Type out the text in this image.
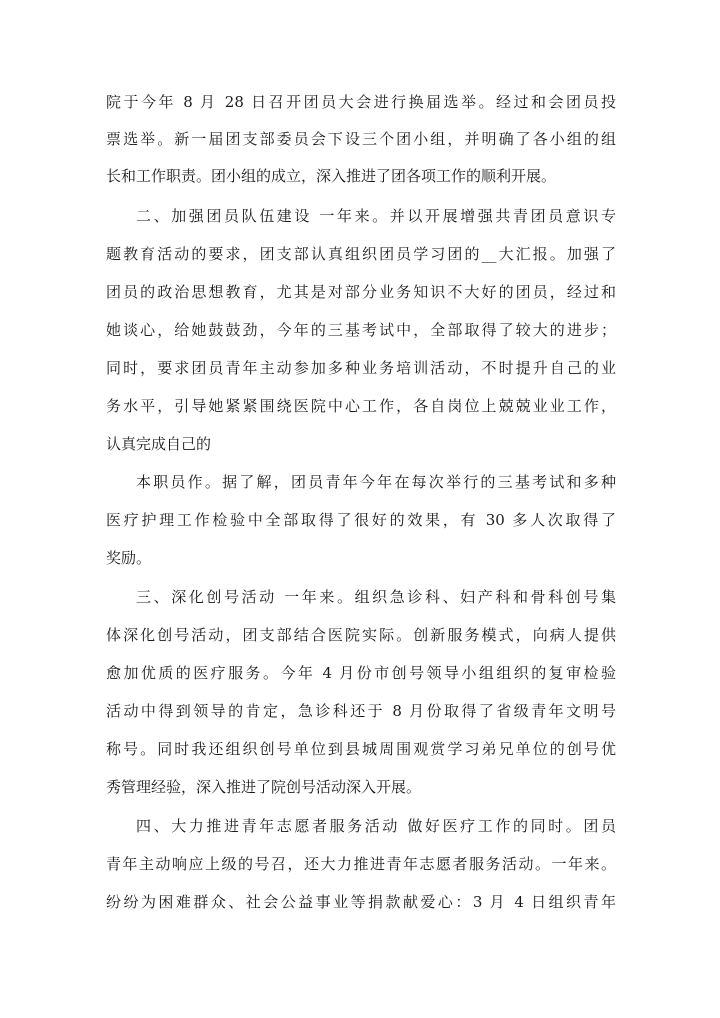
院于今年 8 月 28 日召开团员大会进行换届选举。经过和会团员投
票选举。新一届团支部委员会下设三个团小组，并明确了各小组的组
长和工作职责。团小组的成立，深入推进了团各项工作的顺利开展。
二、加强团员队伍建设 一年来。并以开展增强共青团员意识专
题教育活动的要求，团支部认真组织团员学习团的__大汇报。加强了
团员的政治思想教育，尤其是对部分业务知识不大好的团员，经过和
她谈心，给她鼓鼓劲，今年的三基考试中，全部取得了较大的进步；
同时，要求团员青年主动参加多种业务培训活动，不时提升自己的业
务水平，引导她紧紧围绕医院中心工作，各自岗位上兢兢业业工作，
认真完成自己的
本职员作。据了解，团员青年今年在每次举行的三基考试和多种
医疗护理工作检验中全部取得了很好的效果，有 30 多人次取得了
奖励。
三、深化创号活动 一年来。组织急诊科、妇产科和骨科创号集
体深化创号活动，团支部结合医院实际。创新服务模式，向病人提供
愈加优质的医疗服务。今年 4 月份市创号领导小组组织的复审检验
活动中得到领导的肯定，急诊科还于 8 月份取得了省级青年文明号
称号。同时我还组织创号单位到县城周围观赏学习弟兄单位的创号优
秀管理经验，深入推进了院创号活动深入开展。
四、大力推进青年志愿者服务活动 做好医疗工作的同时。团员
青年主动响应上级的号召，还大力推进青年志愿者服务活动。一年来。
纷纷为困难群众、社会公益事业等捐款献爱心：3 月 4 日组织青年
